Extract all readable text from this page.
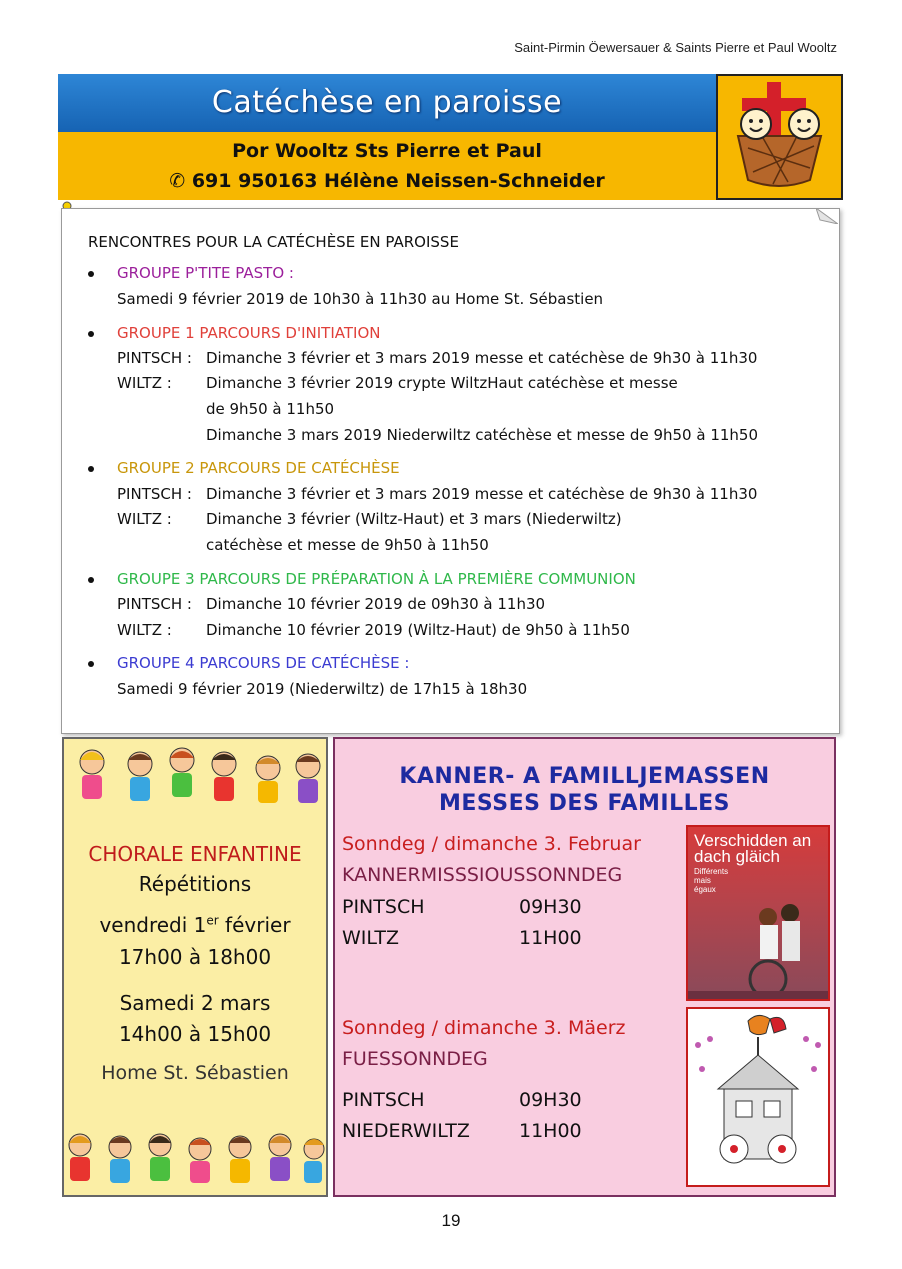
Saint-Pirmin Öewersauer & Saints Pierre et Paul Wooltz
Por Wooltz Sts Pierre et Paul
✆ 691 950163 Hélène Neissen-Schneider
Catéchèse en paroisse
RENCONTRES POUR LA CATÉCHÈSE EN PAROISSE
GROUPE P'TITE PASTO :
Samedi 9 février 2019 de 10h30 à 11h30 au Home St. Sébastien
GROUPE 1 PARCOURS D'INITIATION
PINTSCH : Dimanche 3 février et 3 mars 2019 messe et catéchèse de 9h30 à 11h30
WILTZ : Dimanche 3 février 2019 crypte WiltzHaut catéchèse et messe
de 9h50 à 11h50
Dimanche 3 mars 2019 Niederwiltz catéchèse et messe de 9h50 à 11h50
GROUPE 2 PARCOURS DE CATÉCHÈSE
PINTSCH : Dimanche 3 février et 3 mars 2019 messe et catéchèse de 9h30 à 11h30
WILTZ : Dimanche 3 février (Wiltz-Haut) et 3 mars (Niederwiltz)
catéchèse et messe de 9h50 à 11h50
GROUPE 3 PARCOURS DE PRÉPARATION À LA PREMIÈRE COMMUNION
PINTSCH : Dimanche 10 février 2019 de 09h30 à 11h30
WILTZ : Dimanche 10 février 2019 (Wiltz-Haut) de 9h50 à 11h50
GROUPE 4 PARCOURS DE CATÉCHÈSE :
Samedi 9 février 2019 (Niederwiltz) de 17h15 à 18h30
CHORALE ENFANTINE
Répétitions
vendredi 1er février
17h00 à 18h00
Samedi 2 mars
14h00 à 15h00
Home St. Sébastien
KANNER- A FAMILLJEMASSEN
MESSES DES FAMILLES
Sonndeg / dimanche 3. Februar
KANNERMISSSIOUSSONNDEG
PINTSCH	09H30
WILTZ	11H00
Sonndeg / dimanche 3. Mäerz
FUESSONNDEG
PINTSCH	09H30
NIEDERWILTZ	11H00
Verschidden an dach gläich
Différents mais égaux
19
